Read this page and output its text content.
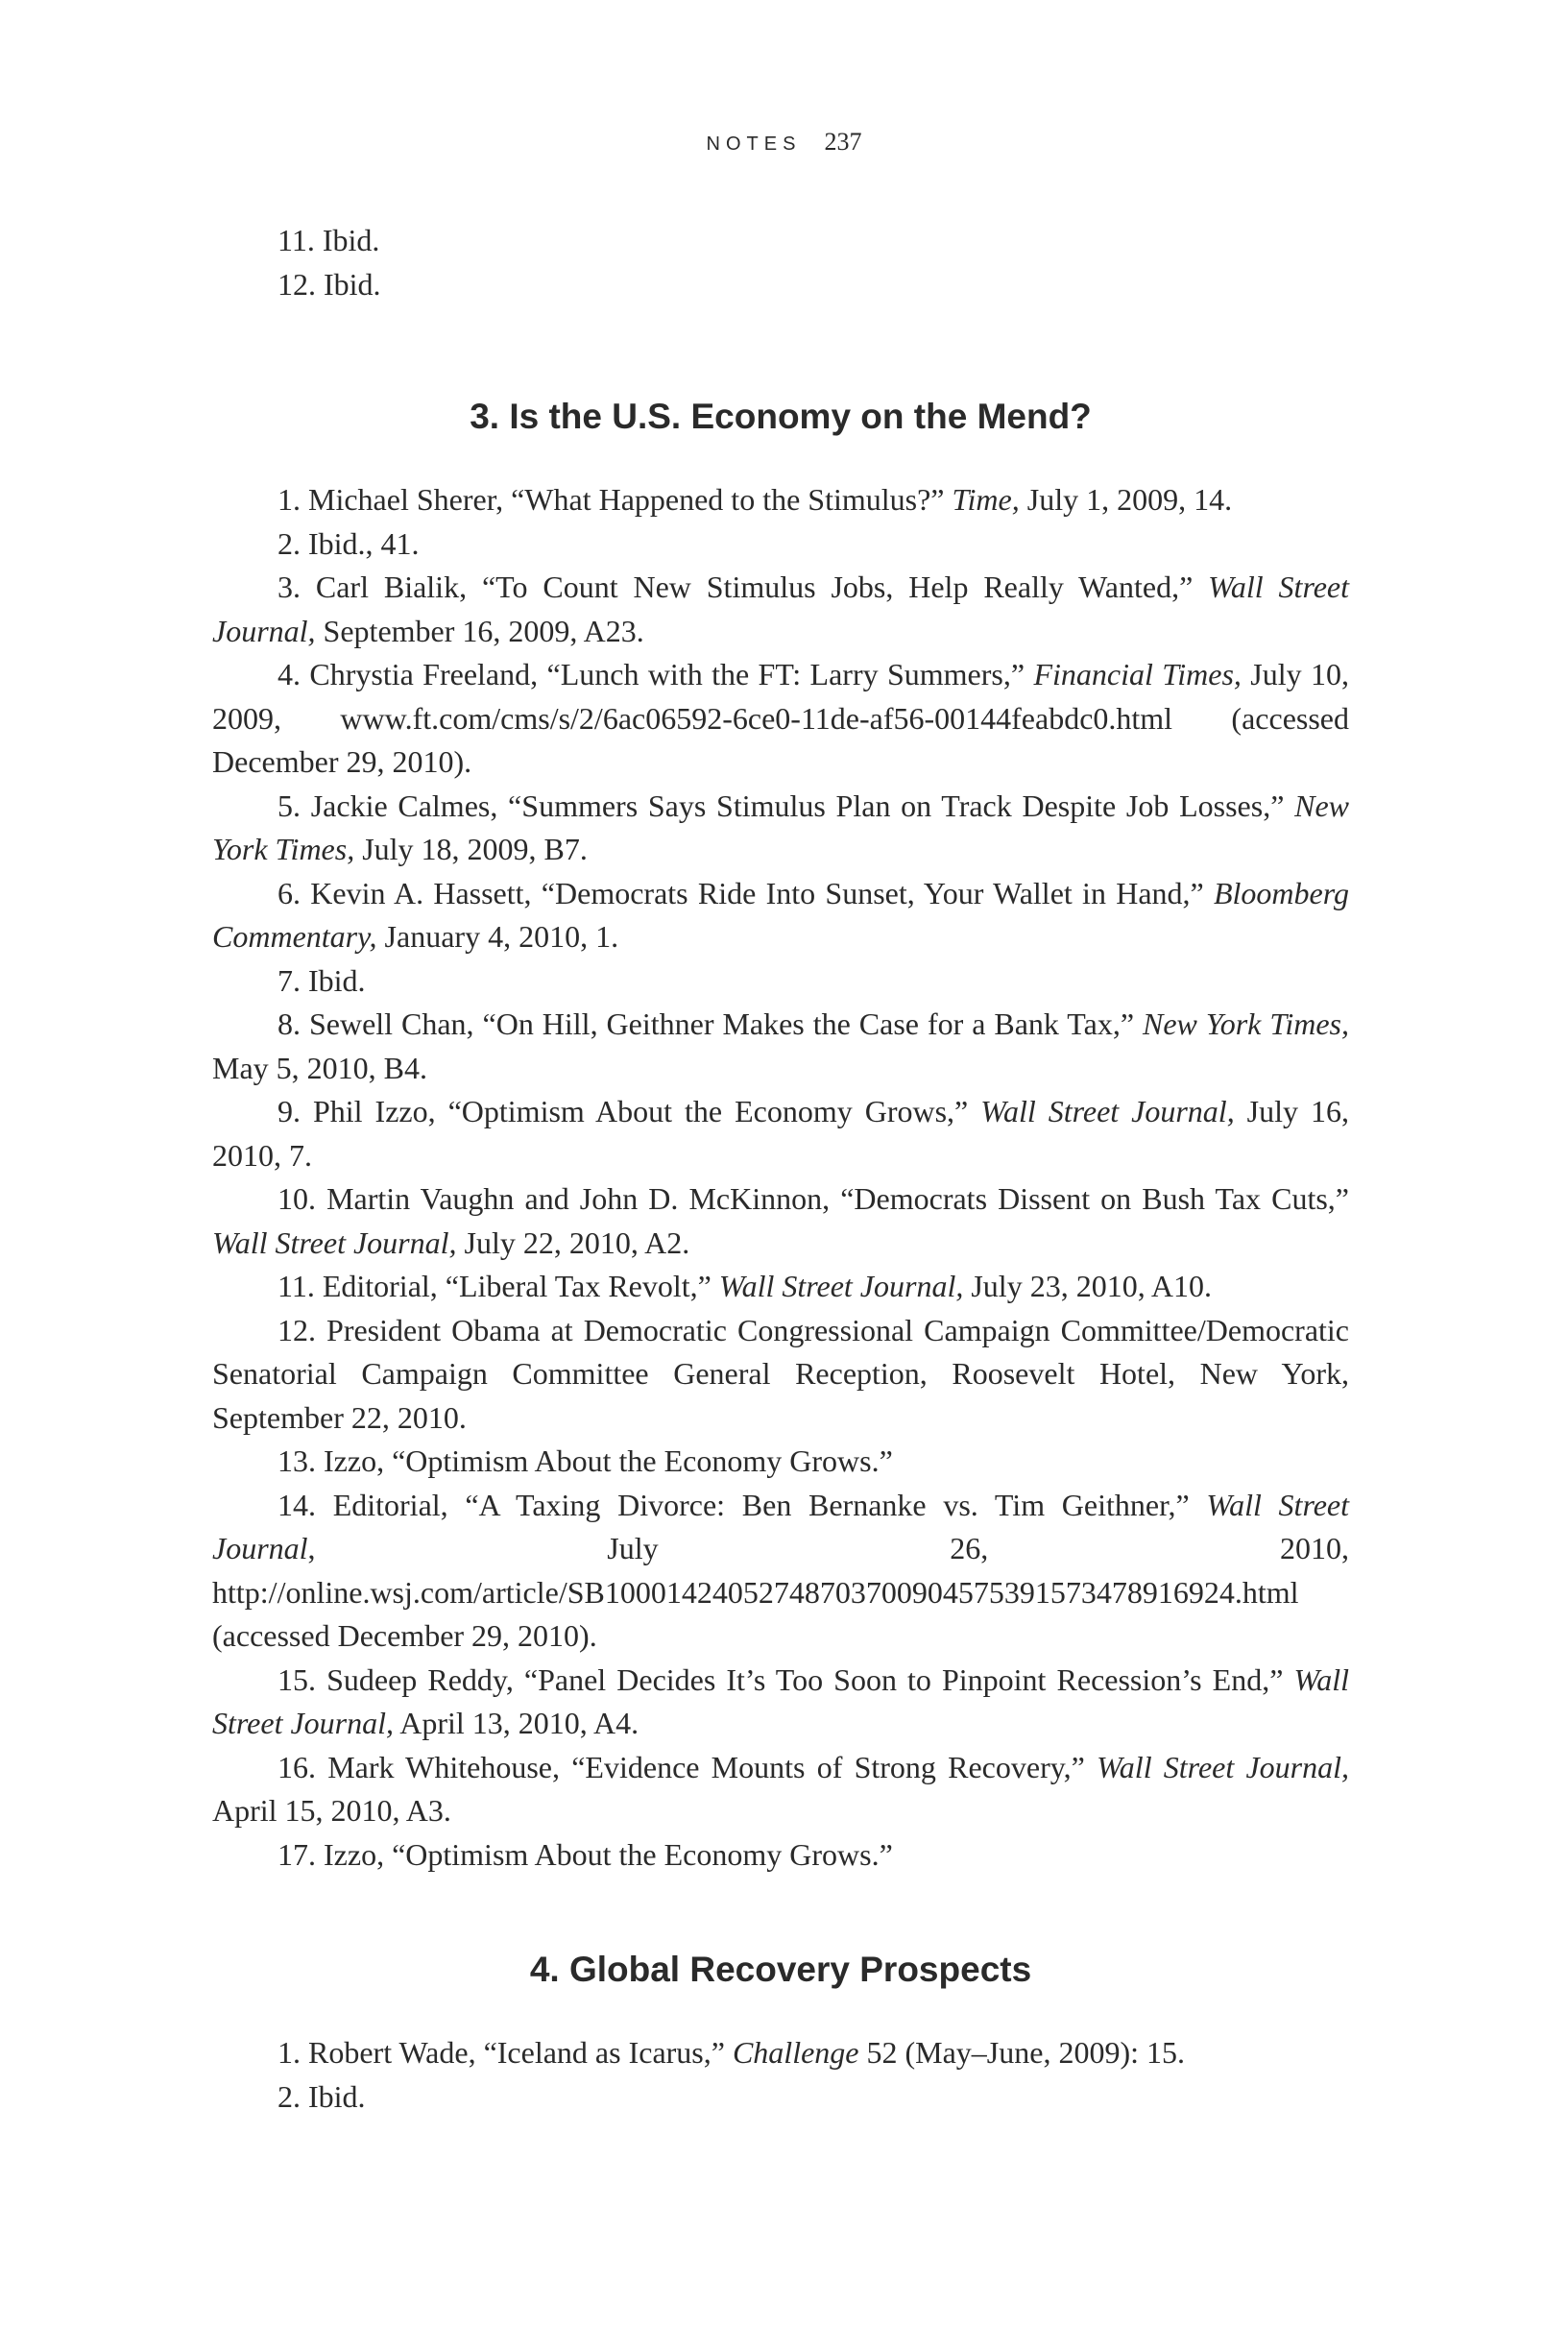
NOTES 237

11. Ibid.

12. Ibid.

3. Is the U.S. Economy on the Mend?

1. Michael Sherer, “What Happened to the Stimulus?” Time, July 1, 2009, 14.

2. Ibid., 41.

3. Carl Bialik, “To Count New Stimulus Jobs, Help Really Wanted,” Wall Street Journal, September 16, 2009, A23.

4. Chrystia Freeland, “Lunch with the FT: Larry Summers,” Financial Times, July 10, 2009, www.ft.com/cms/s/2/6ac06592-6ce0-11de-af56-00144feabdc0.html (accessed December 29, 2010).

5. Jackie Calmes, “Summers Says Stimulus Plan on Track Despite Job Losses,” New York Times, July 18, 2009, B7.

6. Kevin A. Hassett, “Democrats Ride Into Sunset, Your Wallet in Hand,” Bloomberg Commentary, January 4, 2010, 1.

7. Ibid.

8. Sewell Chan, “On Hill, Geithner Makes the Case for a Bank Tax,” New York Times, May 5, 2010, B4.

9. Phil Izzo, “Optimism About the Economy Grows,” Wall Street Journal, July 16, 2010, 7.

10. Martin Vaughn and John D. McKinnon, “Democrats Dissent on Bush Tax Cuts,” Wall Street Journal, July 22, 2010, A2.

11. Editorial, “Liberal Tax Revolt,” Wall Street Journal, July 23, 2010, A10.

12. President Obama at Democratic Congressional Campaign Committee/Democratic Senatorial Campaign Committee General Reception, Roosevelt Hotel, New York, September 22, 2010.

13. Izzo, “Optimism About the Economy Grows.”

14. Editorial, “A Taxing Divorce: Ben Bernanke vs. Tim Geithner,” Wall Street Journal, July 26, 2010, http://online.wsj.com/article/SB10001424052748703700904575391573478916924.html (accessed December 29, 2010).

15. Sudeep Reddy, “Panel Decides It’s Too Soon to Pinpoint Recession’s End,” Wall Street Journal, April 13, 2010, A4.

16. Mark Whitehouse, “Evidence Mounts of Strong Recovery,” Wall Street Journal, April 15, 2010, A3.

17. Izzo, “Optimism About the Economy Grows.”

4. Global Recovery Prospects

1. Robert Wade, “Iceland as Icarus,” Challenge 52 (May–June, 2009): 15.

2. Ibid.
